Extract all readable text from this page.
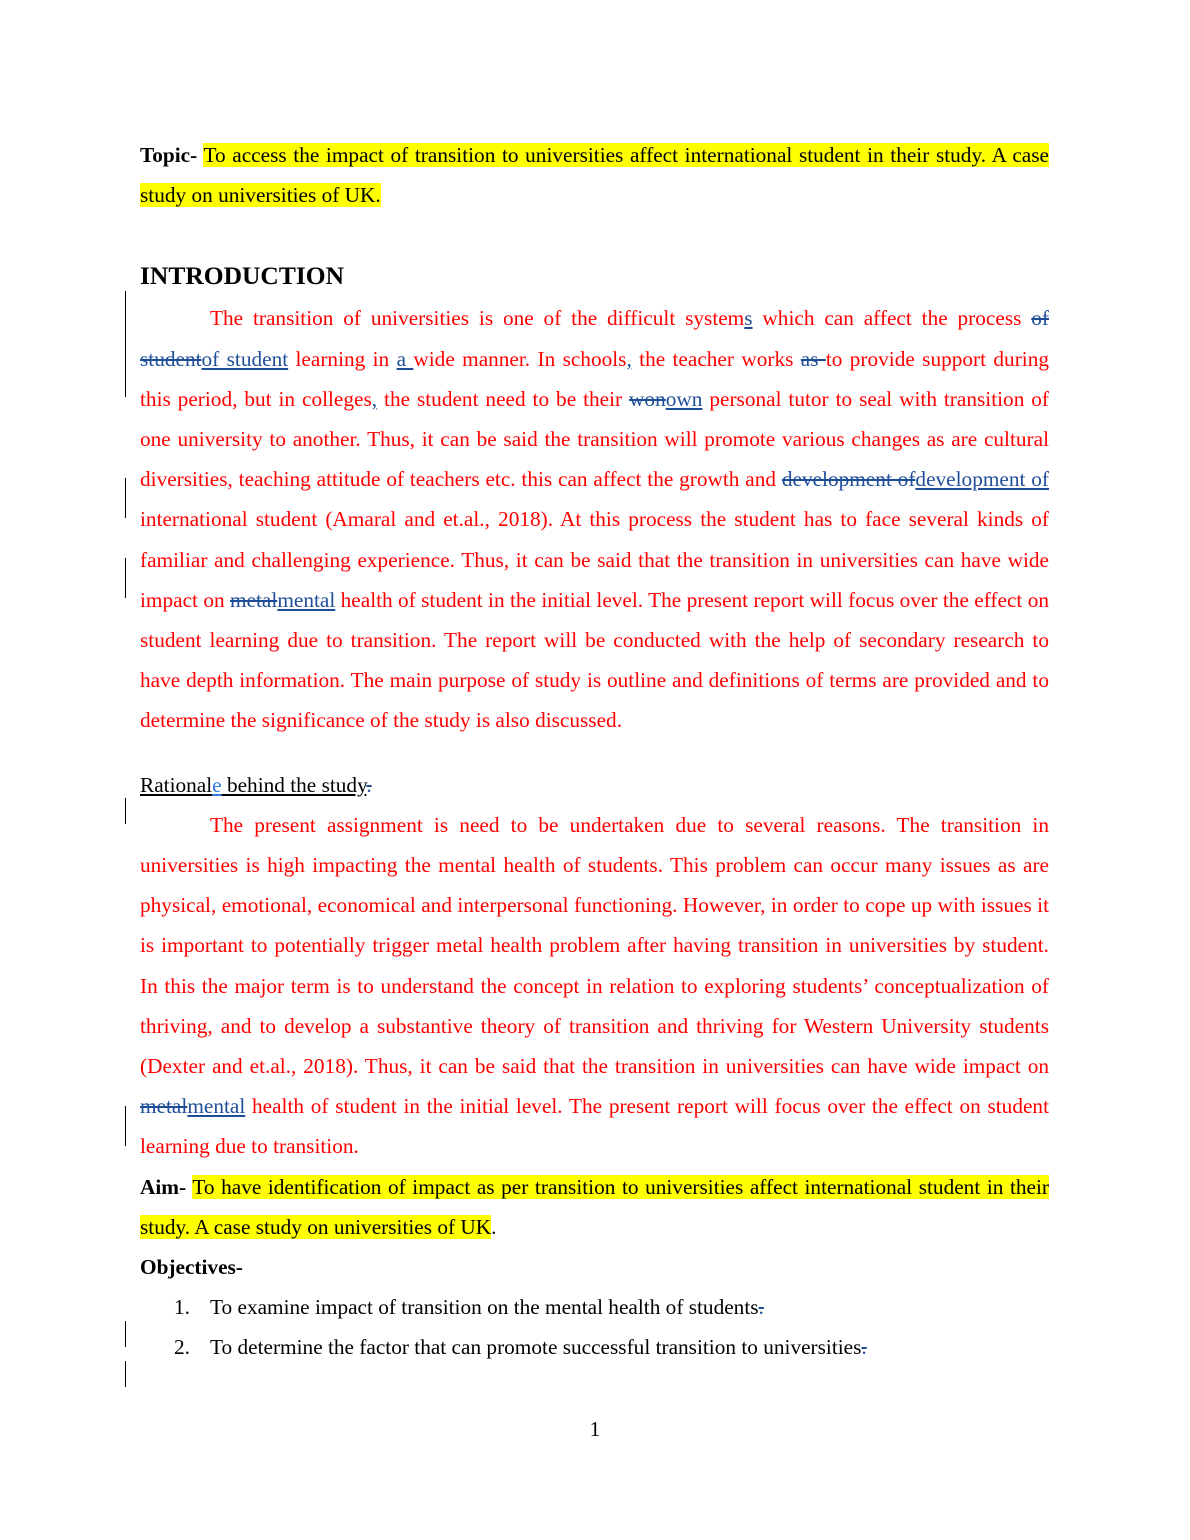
Topic- To access the impact of transition to universities affect international student in their study. A case study on universities of UK.

INTRODUCTION

The transition of universities is one of the difficult systems which can affect the process of studentof student learning in a wide manner. In schools, the teacher works as to provide support during this period, but in colleges, the student need to be their wonown personal tutor to seal with transition of one university to another. Thus, it can be said the transition will promote various changes as are cultural diversities, teaching attitude of teachers etc. this can affect the growth and development ofdevelopment of international student (Amaral and et.al., 2018). At this process the student has to face several kinds of familiar and challenging experience. Thus, it can be said that the transition in universities can have wide impact on metalmental health of student in the initial level. The present report will focus over the effect on student learning due to transition. The report will be conducted with the help of secondary research to have depth information. The main purpose of study is outline and definitions of terms are provided and to determine the significance of the study is also discussed.

Rationale behind the study.

The present assignment is need to be undertaken due to several reasons. The transition in universities is high impacting the mental health of students. This problem can occur many issues as are physical, emotional, economical and interpersonal functioning. However, in order to cope up with issues it is important to potentially trigger metal health problem after having transition in universities by student. In this the major term is to understand the concept in relation to exploring students’ conceptualization of thriving, and to develop a substantive theory of transition and thriving for Western University students (Dexter and et.al., 2018). Thus, it can be said that the transition in universities can have wide impact on metalmental health of student in the initial level. The present report will focus over the effect on student learning due to transition.

Aim- To have identification of impact as per transition to universities affect international student in their study. A case study on universities of UK.

Objectives-

1. To examine impact of transition on the mental health of students.
2. To determine the factor that can promote successful transition to universities.
1
